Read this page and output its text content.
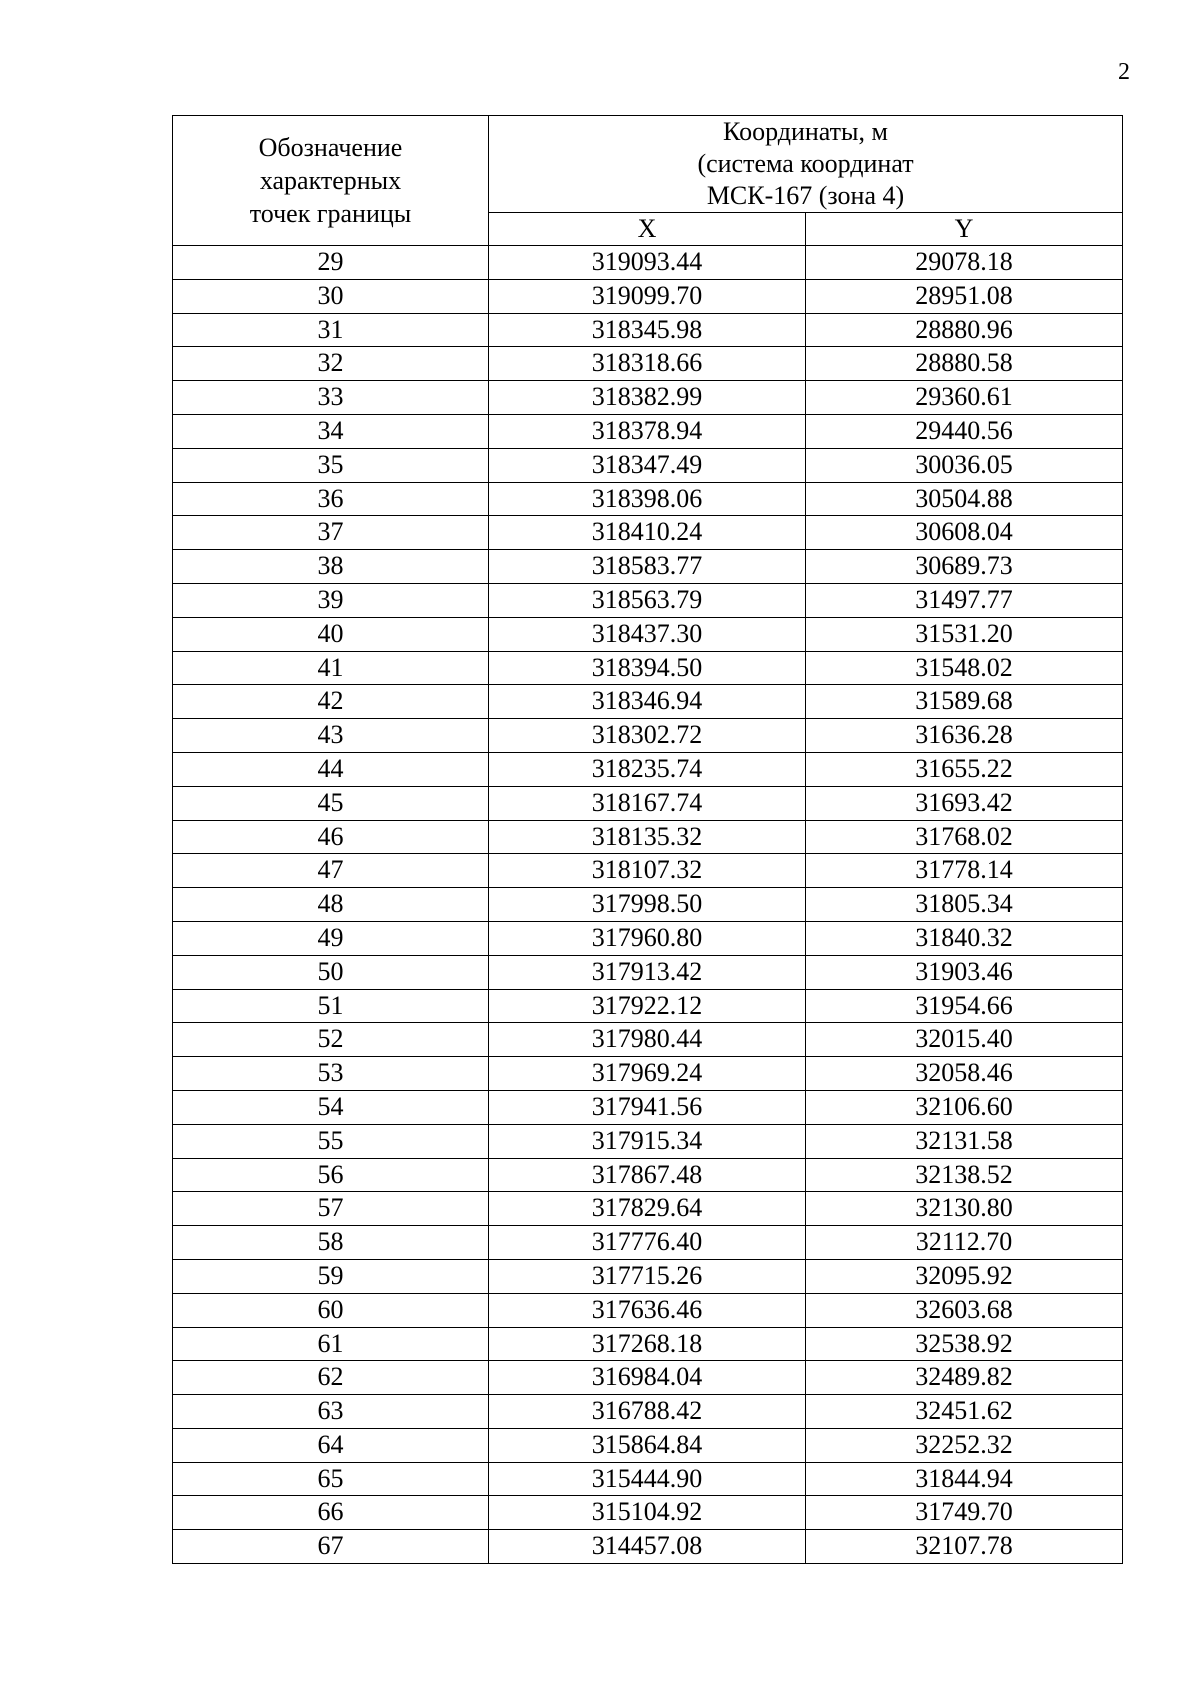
2
Обозначение
характерных
точек границы	Координаты, м
(система координат
МСК-167 (зона 4)	

	X	Y
29	319093.44	29078.18
30	319099.70	28951.08
31	318345.98	28880.96
32	318318.66	28880.58
33	318382.99	29360.61
34	318378.94	29440.56
35	318347.49	30036.05
36	318398.06	30504.88
37	318410.24	30608.04
38	318583.77	30689.73
39	318563.79	31497.77
40	318437.30	31531.20
41	318394.50	31548.02
42	318346.94	31589.68
43	318302.72	31636.28
44	318235.74	31655.22
45	318167.74	31693.42
46	318135.32	31768.02
47	318107.32	31778.14
48	317998.50	31805.34
49	317960.80	31840.32
50	317913.42	31903.46
51	317922.12	31954.66
52	317980.44	32015.40
53	317969.24	32058.46
54	317941.56	32106.60
55	317915.34	32131.58
56	317867.48	32138.52
57	317829.64	32130.80
58	317776.40	32112.70
59	317715.26	32095.92
60	317636.46	32603.68
61	317268.18	32538.92
62	316984.04	32489.82
63	316788.42	32451.62
64	315864.84	32252.32
65	315444.90	31844.94
66	315104.92	31749.70
67	314457.08	32107.78
